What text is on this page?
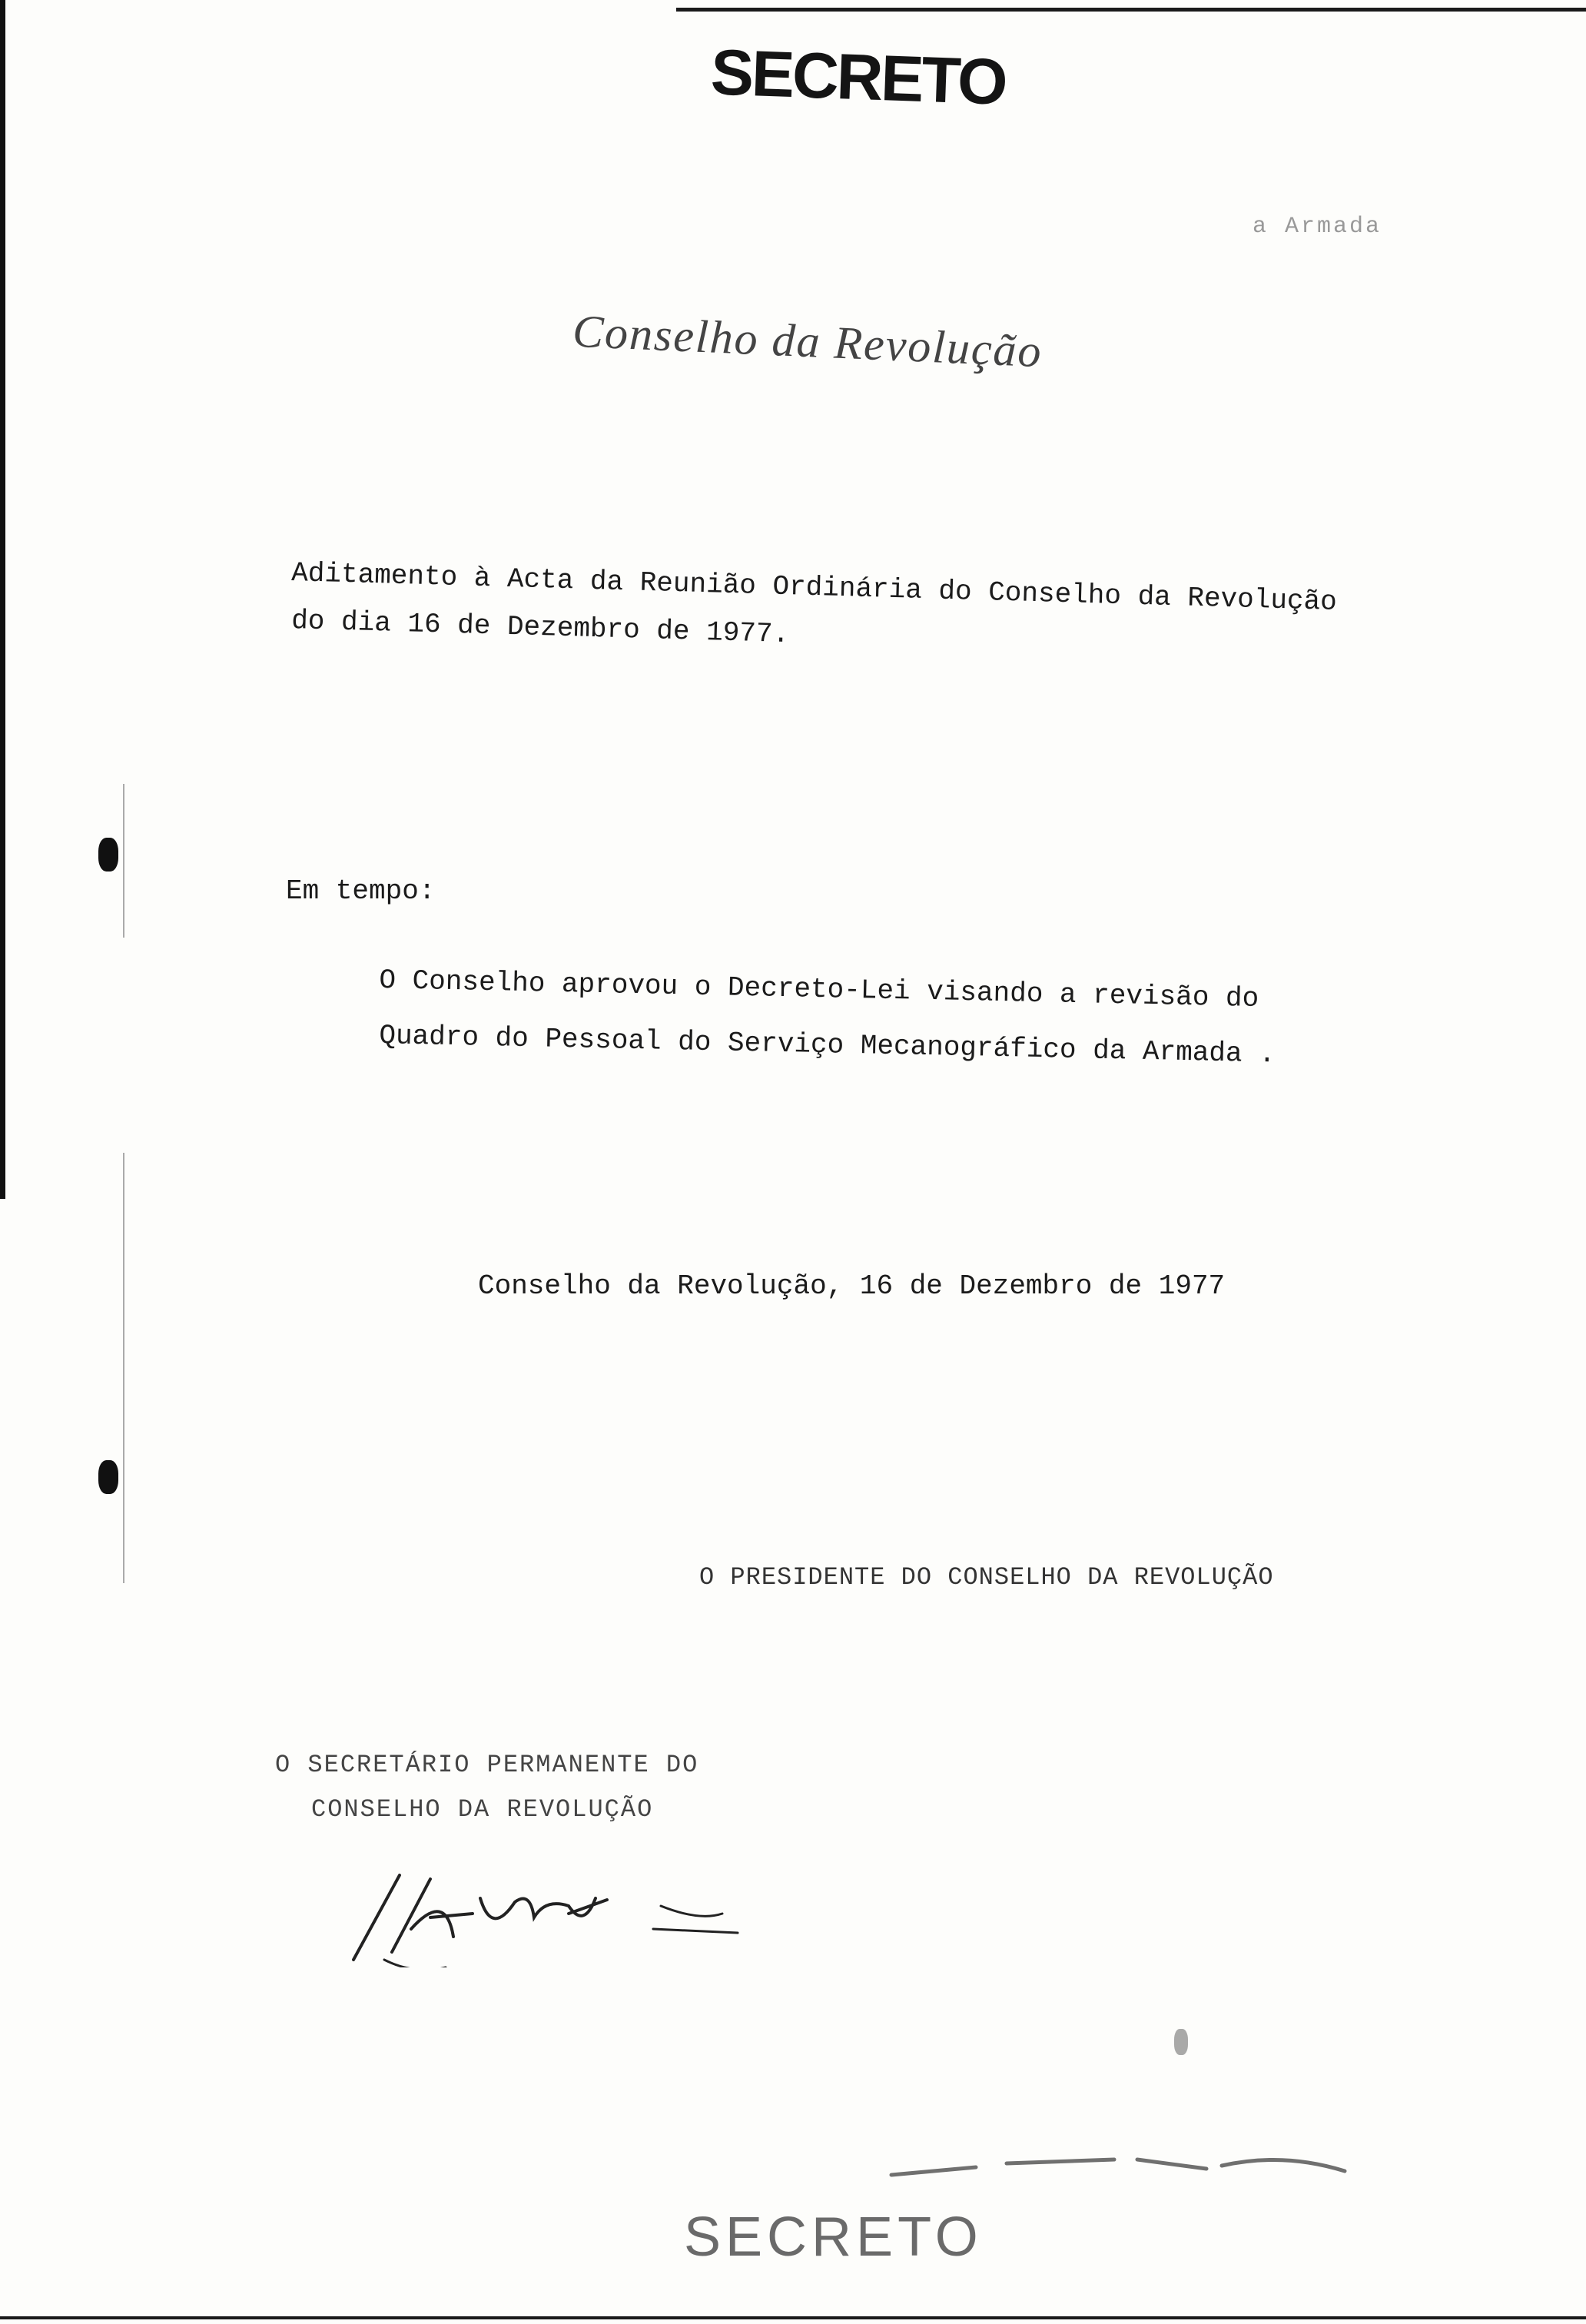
SECRETO
a Armada
Conselho da Revolução
Aditamento à Acta da Reunião Ordinária do Conselho da Revolução
do dia 16 de Dezembro de 1977.
Em tempo:
O Conselho aprovou o Decreto-Lei visando a revisão do
Quadro do Pessoal do Serviço Mecanográfico da Armada .
Conselho da Revolução, 16 de Dezembro de 1977
O PRESIDENTE DO CONSELHO DA REVOLUÇÃO
O SECRETÁRIO PERMANENTE DO
CONSELHO DA REVOLUÇÃO
SECRETO
